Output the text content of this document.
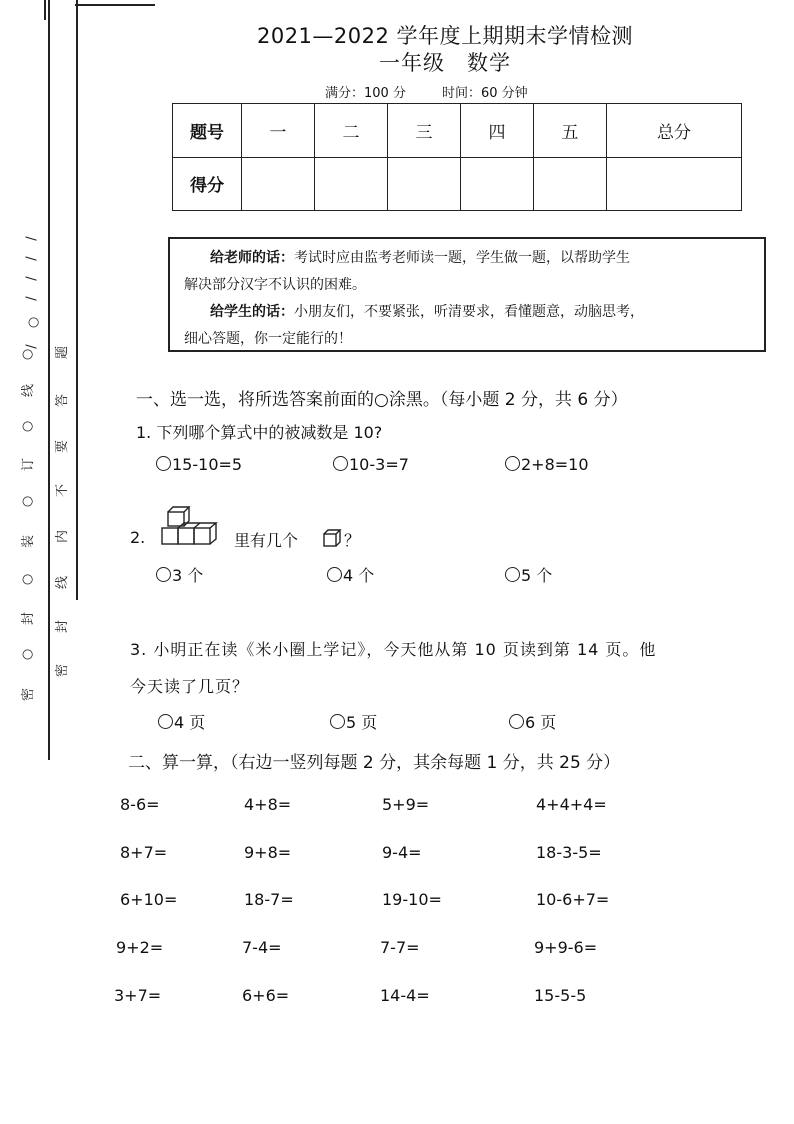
/
/
/
/
○
/
○
线
○
订
○
装
○
封
○
密
题
答
要
不
内
线
封
密
2021—2022 学年度上期期末学情检测
一年级 数学
满分：100 分	时间：60 分钟
题号	一	二	三	四	五	总分
得分						
给老师的话：考试时应由监考老师读一题，学生做一题，以帮助学生
解决部分汉字不认识的困难。
给学生的话：小朋友们，不要紧张，听清要求，看懂题意，动脑思考，
细心答题，你一定能行的！
一、选一选，将所选答案前面的○涂黑。（每小题 2 分，共 6 分）
1. 下列哪个算式中的被减数是 10?
15-10=5	10-3=7	2+8=10
2.	里有几个	？
3 个	4 个	5 个
3. 小明正在读《米小圈上学记》，今天他从第 10 页读到第 14 页。他
今天读了几页？
4 页	5 页	6 页
二、算一算，（右边一竖列每题 2 分，其余每题 1 分，共 25 分）
8-6=	4+8=	5+9=	4+4+4=
8+7=	9+8=	9-4=	18-3-5=
6+10=	18-7=	19-10=	10-6+7=
9+2=	7-4=	7-7=	9+9-6=
3+7=	6+6=	14-4=	15-5-5
